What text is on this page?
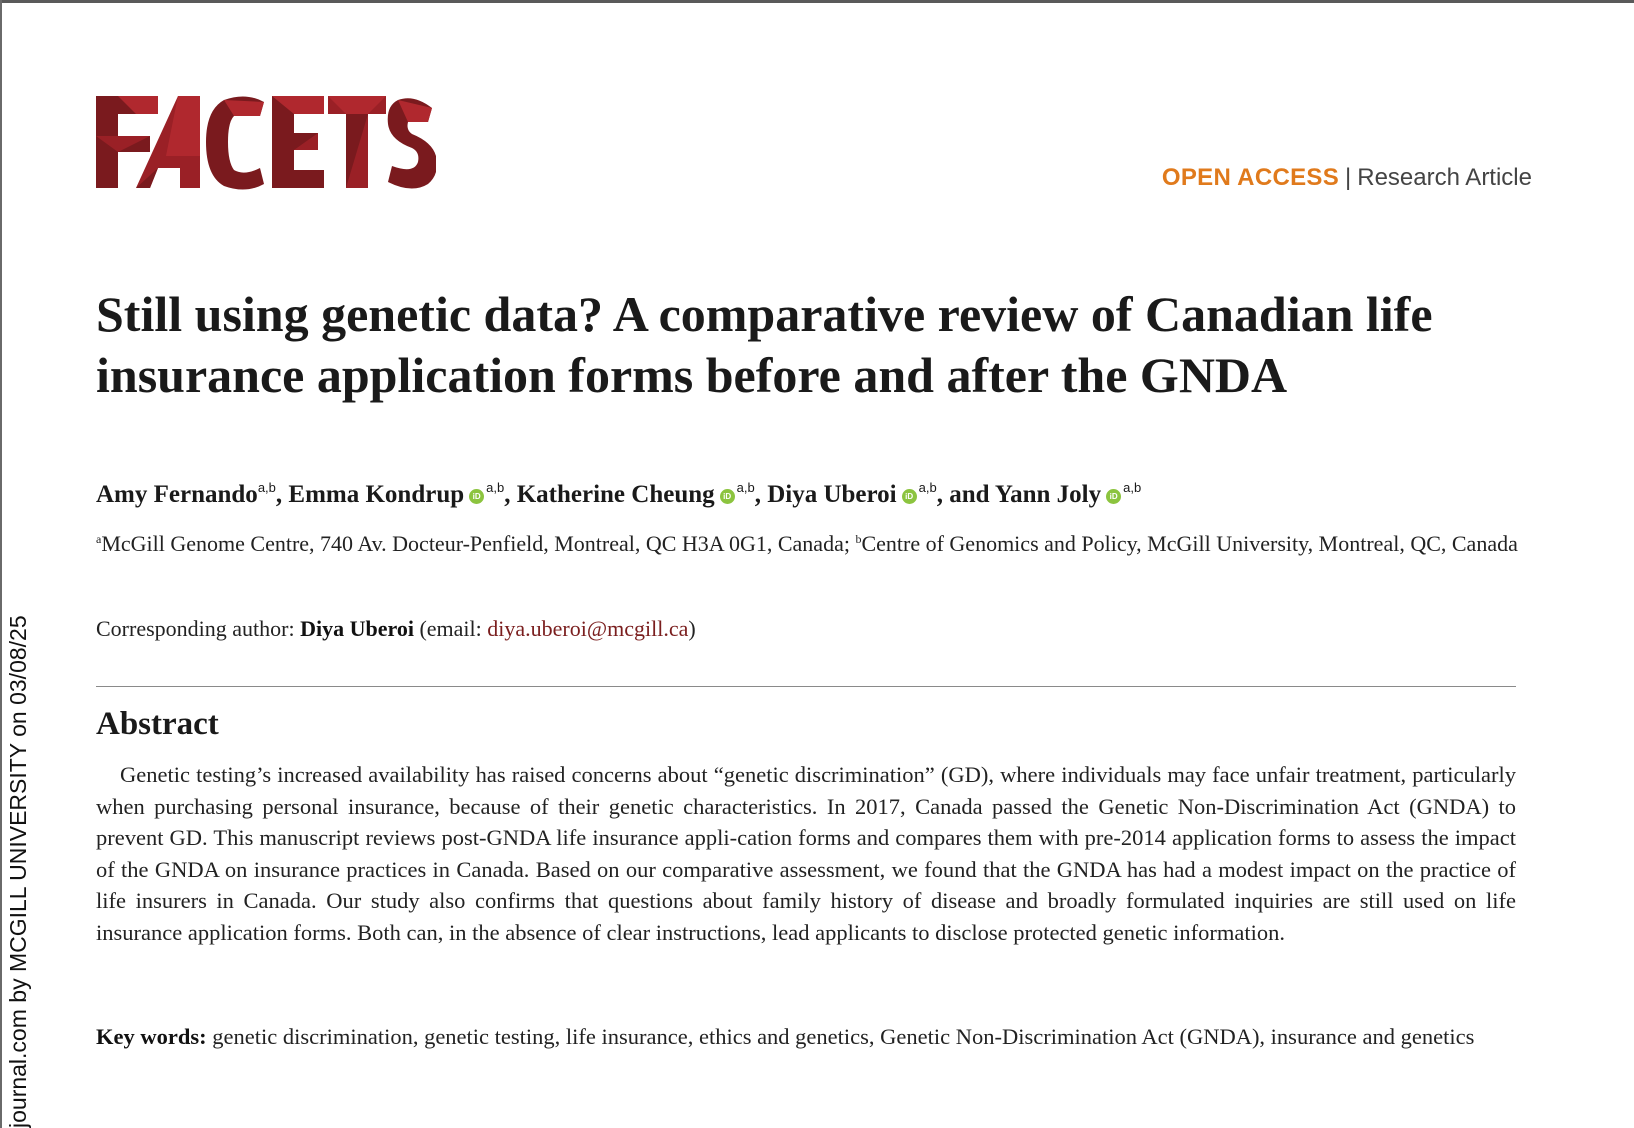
journal.com by MCGILL UNIVERSITY on 03/08/25
OPEN ACCESS | Research Article
Still using genetic data? A comparative review of Canadian life insurance application forms before and after the GNDA
Amy Fernando$^{a,b}$, Emma Kondrup iD$^{a,b}$, Katherine Cheung iD$^{a,b}$, Diya Uberoi iD$^{a,b}$, and Yann Joly iD$^{a,b}$
$^a$McGill Genome Centre, 740 Av. Docteur-Penfield, Montreal, QC H3A 0G1, Canada; $^b$Centre of Genomics and Policy, McGill University, Montreal, QC, Canada
Corresponding author: Diya Uberoi (email: diya.uberoi@mcgill.ca)
Abstract

Genetic testing’s increased availability has raised concerns about “genetic discrimination” (GD), where individuals may face unfair treatment, particularly when purchasing personal insurance, because of their genetic characteristics. In 2017, Canada passed the Genetic Non-Discrimination Act (GNDA) to prevent GD. This manuscript reviews post-GNDA life insurance appli-cation forms and compares them with pre-2014 application forms to assess the impact of the GNDA on insurance practices in Canada. Based on our comparative assessment, we found that the GNDA has had a modest impact on the practice of life insurers in Canada. Our study also confirms that questions about family history of disease and broadly formulated inquiries are still used on life insurance application forms. Both can, in the absence of clear instructions, lead applicants to disclose protected genetic information.

Key words: genetic discrimination, genetic testing, life insurance, ethics and genetics, Genetic Non-Discrimination Act (GNDA), insurance and genetics
